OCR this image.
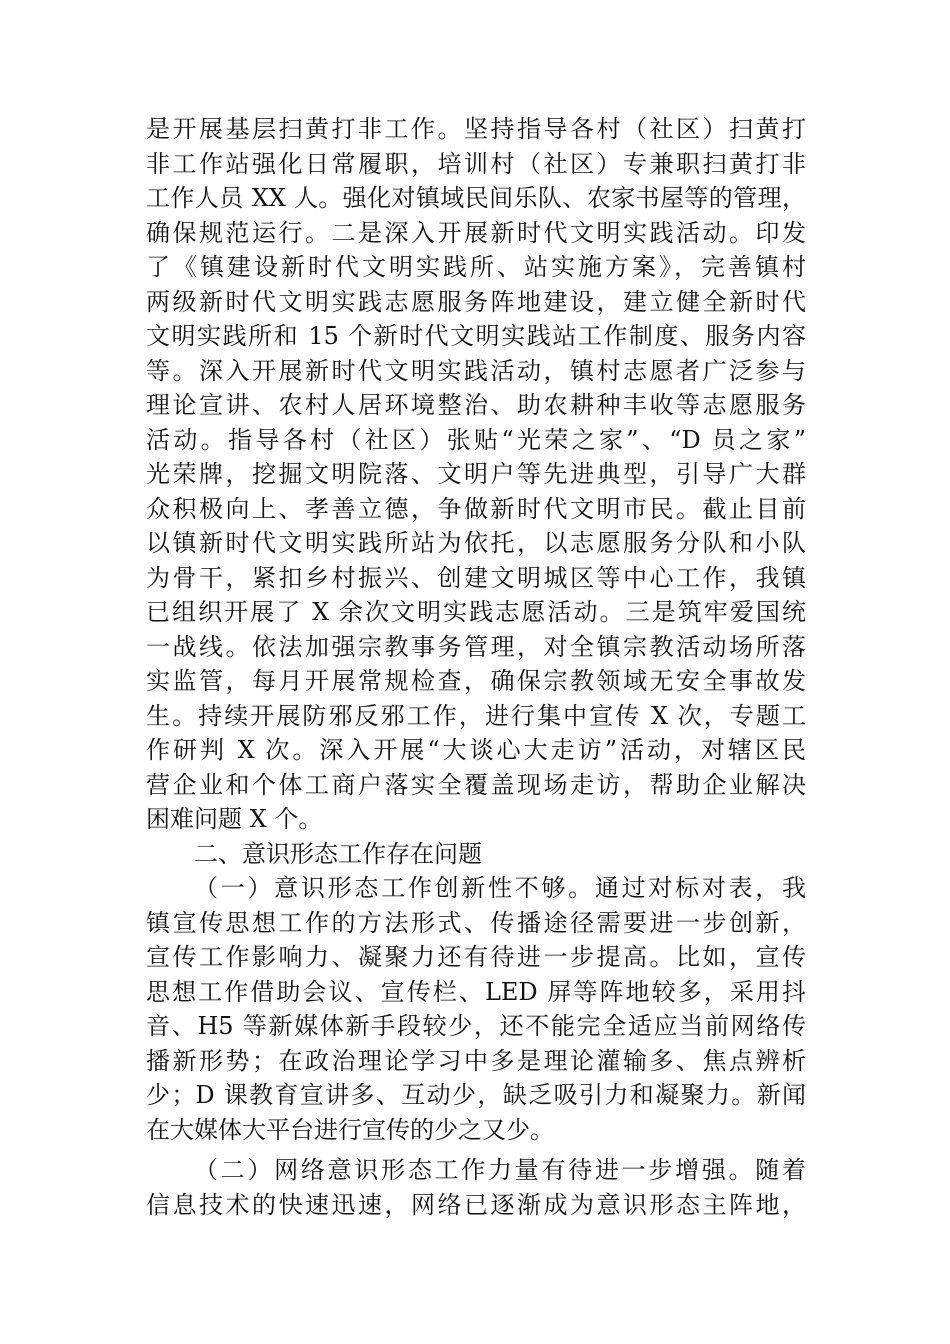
是开展基层扫黄打非工作。坚持指导各村（社区）扫黄打
非工作站强化日常履职，培训村（社区）专兼职扫黄打非
工作人员 XX 人。强化对镇域民间乐队、农家书屋等的管理，
确保规范运行。二是深入开展新时代文明实践活动。印发
了《镇建设新时代文明实践所、站实施方案》，完善镇村
两级新时代文明实践志愿服务阵地建设，建立健全新时代
文明实践所和 15 个新时代文明实践站工作制度、服务内容
等。深入开展新时代文明实践活动，镇村志愿者广泛参与
理论宣讲、农村人居环境整治、助农耕种丰收等志愿服务
活动。指导各村（社区）张贴“光荣之家”、“D 员之家”
光荣牌，挖掘文明院落、文明户等先进典型，引导广大群
众积极向上、孝善立德，争做新时代文明市民。截止目前
以镇新时代文明实践所站为依托，以志愿服务分队和小队
为骨干，紧扣乡村振兴、创建文明城区等中心工作，我镇
已组织开展了 X 余次文明实践志愿活动。三是筑牢爱国统
一战线。依法加强宗教事务管理，对全镇宗教活动场所落
实监管，每月开展常规检查，确保宗教领域无安全事故发
生。持续开展防邪反邪工作，进行集中宣传 X 次，专题工
作研判 X 次。深入开展“大谈心大走访”活动，对辖区民
营企业和个体工商户落实全覆盖现场走访，帮助企业解决
困难问题 X 个。
二、意识形态工作存在问题
（一）意识形态工作创新性不够。通过对标对表，我
镇宣传思想工作的方法形式、传播途径需要进一步创新，
宣传工作影响力、凝聚力还有待进一步提高。比如，宣传
思想工作借助会议、宣传栏、LED 屏等阵地较多，采用抖
音、H5 等新媒体新手段较少，还不能完全适应当前网络传
播新形势；在政治理论学习中多是理论灌输多、焦点辨析
少；D 课教育宣讲多、互动少，缺乏吸引力和凝聚力。新闻
在大媒体大平台进行宣传的少之又少。
（二）网络意识形态工作力量有待进一步增强。随着
信息技术的快速迅速，网络已逐渐成为意识形态主阵地，
